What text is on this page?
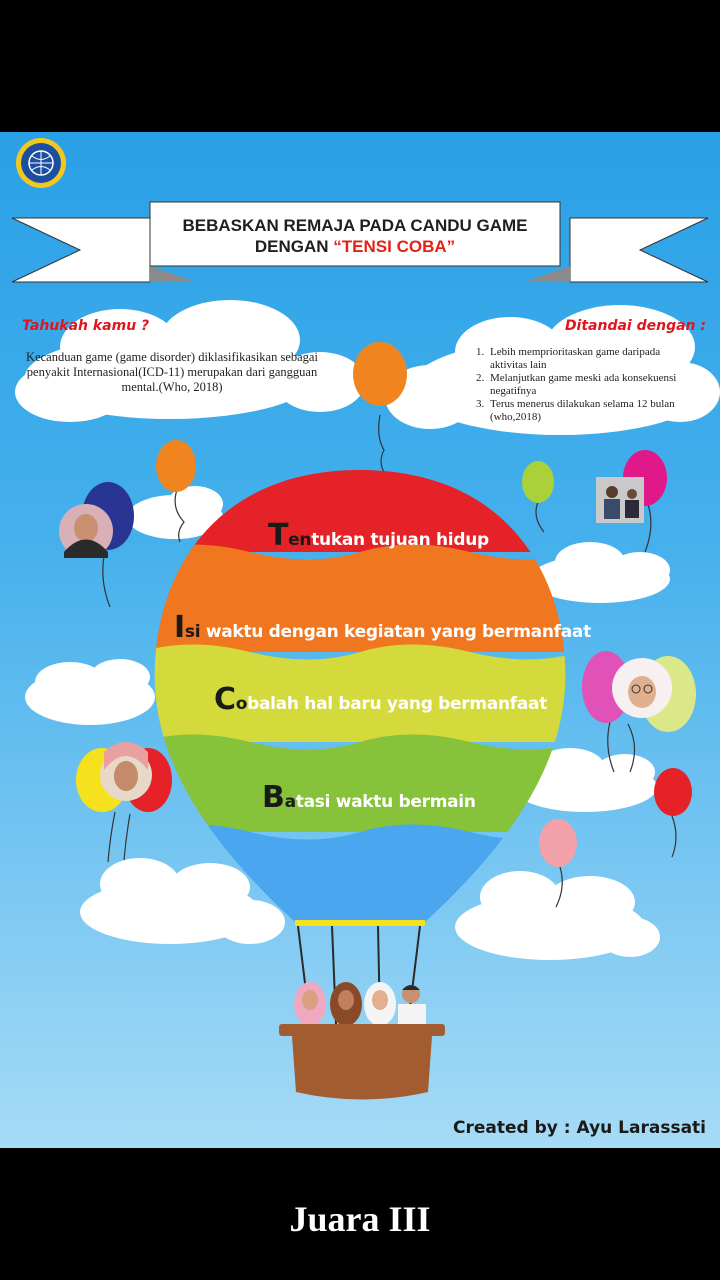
BEBASKAN REMAJA PADA CANDU GAME
DENGAN “TENSI COBA”
Tahukah kamu ?
Kecanduan game (game disorder) diklasifikasikan sebagai penyakit Internasional(ICD-11) merupakan dari gangguan mental.(Who, 2018)
Ditandai dengan :
1. Lebih memprioritaskan game daripada aktivitas lain
2. Melanjutkan game meski ada konsekuensi negatifnya
3. Terus menerus dilakukan selama 12 bulan (who,2018)
Tentukan tujuan hidup
Isi waktu dengan kegiatan yang bermanfaat
Cobalah hal baru yang bermanfaat
Batasi waktu bermain
Created by : Ayu Larassati
Juara III
